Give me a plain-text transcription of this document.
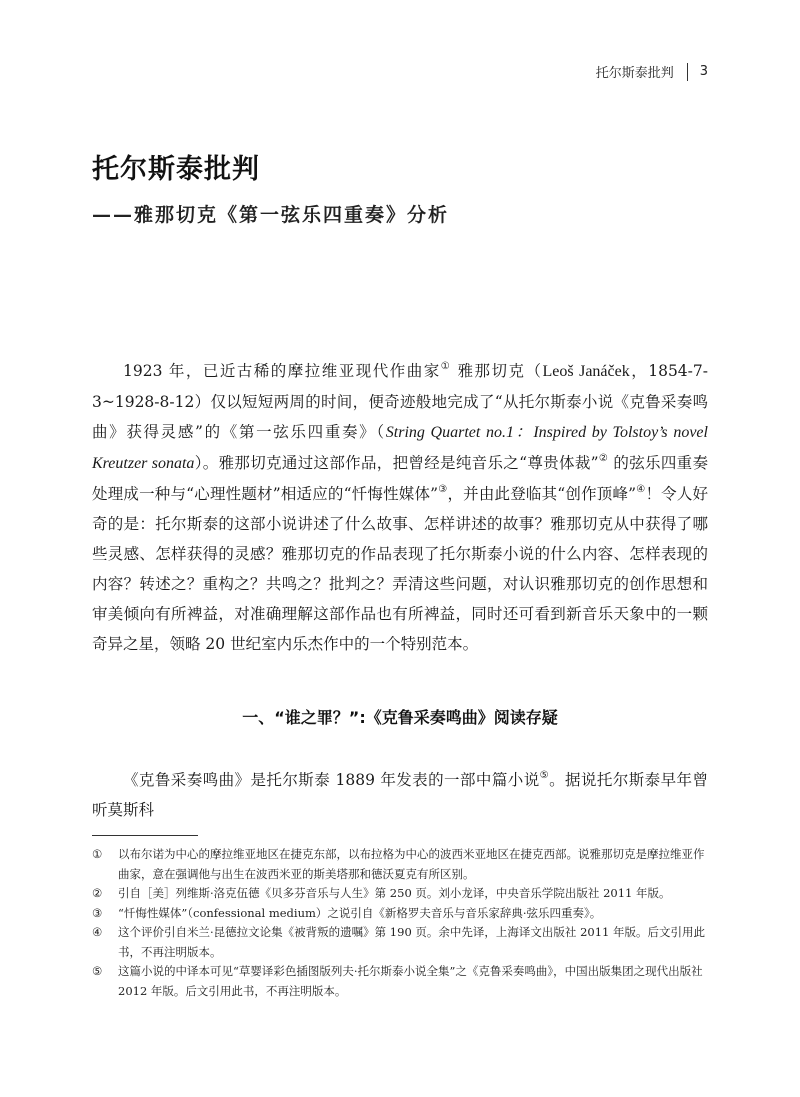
托尔斯泰批判 3
托尔斯泰批判
——雅那切克《第一弦乐四重奏》分析

1923 年，已近古稀的摩拉维亚现代作曲家① 雅那切克（Leoš Janáček，1854-7-3~1928-8-12）仅以短短两周的时间，便奇迹般地完成了“从托尔斯泰小说《克鲁采奏鸣曲》获得灵感”的《第一弦乐四重奏》（String Quartet no.1：Inspired by Tolstoy’s novel Kreutzer sonata）。雅那切克通过这部作品，把曾经是纯音乐之“尊贵体裁”② 的弦乐四重奏处理成一种与“心理性题材”相适应的“忏悔性媒体”③，并由此登临其“创作顶峰”④！令人好奇的是：托尔斯泰的这部小说讲述了什么故事、怎样讲述的故事？雅那切克从中获得了哪些灵感、怎样获得的灵感？雅那切克的作品表现了托尔斯泰小说的什么内容、怎样表现的内容？转述之？重构之？共鸣之？批判之？弄清这些问题，对认识雅那切克的创作思想和审美倾向有所裨益，对准确理解这部作品也有所裨益，同时还可看到新音乐天象中的一颗奇异之星，领略 20 世纪室内乐杰作中的一个特别范本。

一、“谁之罪？”:《克鲁采奏鸣曲》阅读存疑

《克鲁采奏鸣曲》是托尔斯泰 1889 年发表的一部中篇小说⑤。据说托尔斯泰早年曾听莫斯科

①	以布尔诺为中心的摩拉维亚地区在捷克东部，以布拉格为中心的波西米亚地区在捷克西部。说雅那切克是摩拉维亚作曲家，意在强调他与出生在波西米亚的斯美塔那和德沃夏克有所区别。
②	引自［美］列维斯·洛克伍德《贝多芬音乐与人生》第 250 页。刘小龙译，中央音乐学院出版社 2011 年版。
③	“忏悔性媒体”（confessional medium）之说引自《新格罗夫音乐与音乐家辞典·弦乐四重奏》。
④	这个评价引自米兰·昆德拉文论集《被背叛的遗嘱》第 190 页。余中先译，上海译文出版社 2011 年版。后文引用此书，不再注明版本。
⑤	这篇小说的中译本可见“草婴译彩色插图版列夫·托尔斯泰小说全集”之《克鲁采奏鸣曲》，中国出版集团之现代出版社 2012 年版。后文引用此书，不再注明版本。
